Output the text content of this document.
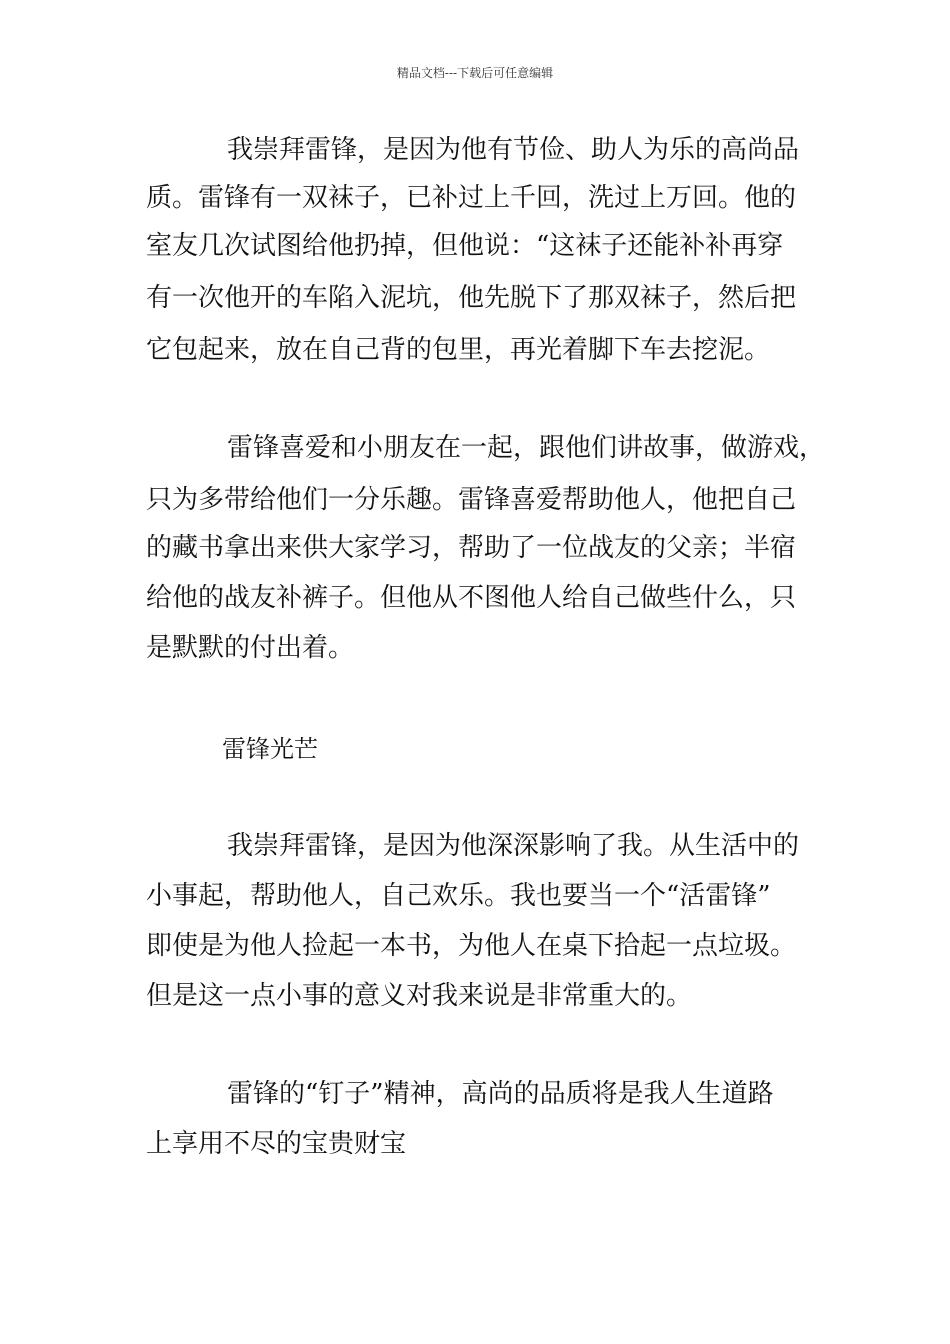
精品文档---下载后可任意编辑
我崇拜雷锋，是因为他有节俭、助人为乐的高尚品
质。雷锋有一双袜子，已补过上千回，洗过上万回。他的
室友几次试图给他扔掉，但他说：“这袜子还能补补再穿
有一次他开的车陷入泥坑，他先脱下了那双袜子，然后把
它包起来，放在自己背的包里，再光着脚下车去挖泥。
雷锋喜爱和小朋友在一起，跟他们讲故事，做游戏，
只为多带给他们一分乐趣。雷锋喜爱帮助他人，他把自己
的藏书拿出来供大家学习，帮助了一位战友的父亲；半宿
给他的战友补裤子。但他从不图他人给自己做些什么，只
是默默的付出着。
雷锋光芒
我崇拜雷锋，是因为他深深影响了我。从生活中的
小事起，帮助他人，自己欢乐。我也要当一个“活雷锋”
即使是为他人捡起一本书，为他人在桌下拾起一点垃圾。
但是这一点小事的意义对我来说是非常重大的。
雷锋的“钉子”精神，高尚的品质将是我人生道路
上享用不尽的宝贵财宝
